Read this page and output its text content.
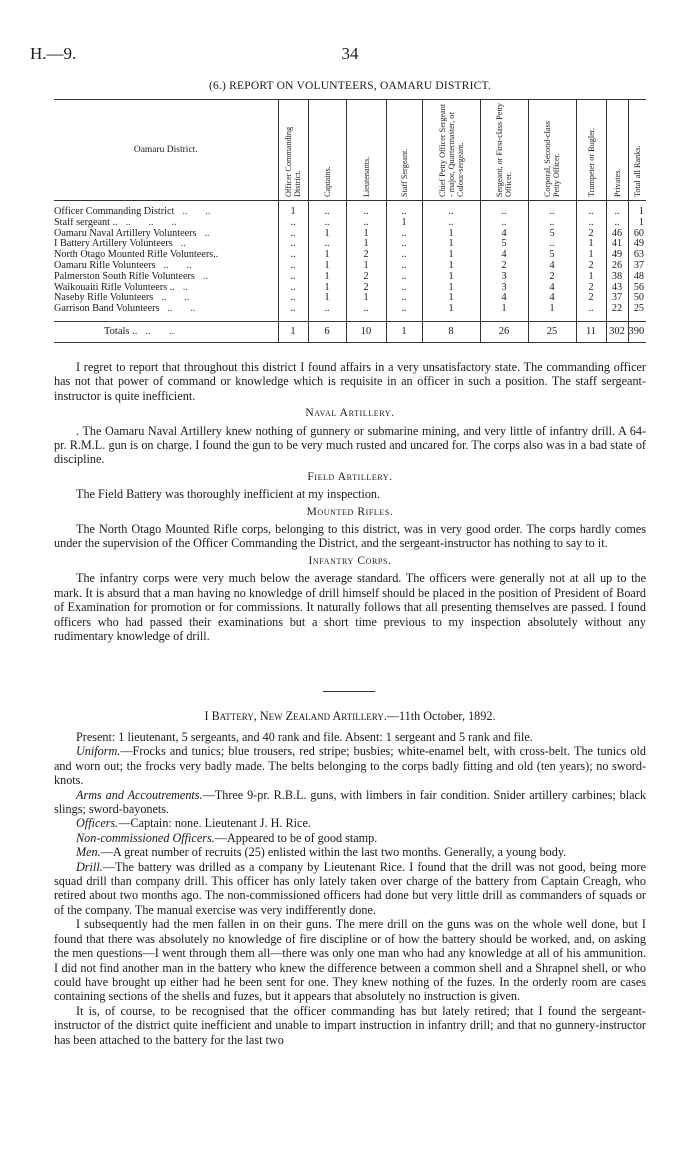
H.—9.	34
(6.) REPORT ON VOLUNTEERS, OAMARU DISTRICT.
Oamaru District.	Officer Commanding District.	Captains.	Lieutenants.	Staff Sergeant.	Chief Petty Officer Sergeant - major, Quartermaster, or Colour-sergeant.	Sergeant, or First-class Petty Officer.	Corporal, Second-class Petty Officer.	Trumpeter or Bugler.	Privates.	Total all Ranks.

Officer Commanding District ..       ..	1	..	..	..	..	..	..	..	..	1
Staff sergeant .. ..       ..       ..	..	..	..	1	..	..	..	..	..	1
Oamaru Naval Artillery Volunteers ..	..	1	1	..	1	4	5	2	46	60
I Battery Artillery Volunteers ..	..	..	1	..	1	5	..	1	41	49
North Otago Mounted Rifle Volunteers..	..	1	2	..	1	4	5	1	49	63
Oamaru Rifle Volunteers ..       ..	..	1	1	..	1	2	4	2	26	37
Palmerston South Rifle Volunteers ..	..	1	2	..	1	3	2	1	38	48
Waikouaiti Rifle Volunteers .. ..	..	1	2	..	1	3	4	2	43	56
Naseby Rifle Volunteers ..       ..	..	1	1	..	1	4	4	2	37	50
Garrison Band Volunteers ..       ..	..	..	..	..	1	1	1	..	22	25
Totals .. ..       ..	1	6	10	1	8	26	25	11	302	390

I regret to report that throughout this district I found affairs in a very unsatisfactory state. The commanding officer has not that power of command or knowledge which is requisite in an officer in such a position. The staff sergeant-instructor is quite inefficient.

Naval Artillery.

. The Oamaru Naval Artillery knew nothing of gunnery or submarine mining, and very little of infantry drill. A 64-pr. R.M.L. gun is on charge. I found the gun to be very much rusted and uncared for. The corps also was in a bad state of discipline.

Field Artillery.

The Field Battery was thoroughly inefficient at my inspection.

Mounted Rifles.

The North Otago Mounted Rifle corps, belonging to this district, was in very good order. The corps hardly comes under the supervision of the Officer Commanding the District, and the sergeant-instructor has nothing to say to it.

Infantry Corps.

The infantry corps were very much below the average standard. The officers were generally not at all up to the mark. It is absurd that a man having no knowledge of drill himself should be placed in the position of President of Board of Examination for promotion or for commissions. It naturally follows that all presenting themselves are passed. I found officers who had passed their examinations but a short time previous to my inspection absolutely without any rudimentary knowledge of drill.

I Battery, New Zealand Artillery.—11th October, 1892.

Present: 1 lieutenant, 5 sergeants, and 40 rank and file. Absent: 1 sergeant and 5 rank and file.

Uniform.—Frocks and tunics; blue trousers, red stripe; busbies; white-enamel belt, with cross-belt. The tunics old and worn out; the frocks very badly made. The belts belonging to the corps badly fitting and old (ten years); no sword-knots.

Arms and Accoutrements.—Three 9-pr. R.B.L. guns, with limbers in fair condition. Snider artillery carbines; black slings; sword-bayonets.

Officers.—Captain: none. Lieutenant J. H. Rice.

Non-commissioned Officers.—Appeared to be of good stamp.

Men.—A great number of recruits (25) enlisted within the last two months. Generally, a young body.

Drill.—The battery was drilled as a company by Lieutenant Rice. I found that the drill was not good, being more squad drill than company drill. This officer has only lately taken over charge of the battery from Captain Creagh, who retired about two months ago. The non-commissioned officers had done but very little drill as commanders of squads or of the company. The manual exercise was very indifferently done.

I subsequently had the men fallen in on their guns. The mere drill on the guns was on the whole well done, but I found that there was absolutely no knowledge of fire discipline or of how the battery should be worked, and, on asking the men questions—I went through them all—there was only one man who had any knowledge at all of his ammunition. I did not find another man in the battery who knew the difference between a common shell and a Shrapnel shell, or who could have brought up either had he been sent for one. They knew nothing of the fuzes. In the orderly room are cases containing sections of the shells and fuzes, but it appears that absolutely no instruction is given.

It is, of course, to be recognised that the officer commanding has but lately retired; that I found the sergeant-instructor of the district quite inefficient and unable to impart instruction in infantry drill; and that no gunnery-instructor has been attached to the battery for the last two
